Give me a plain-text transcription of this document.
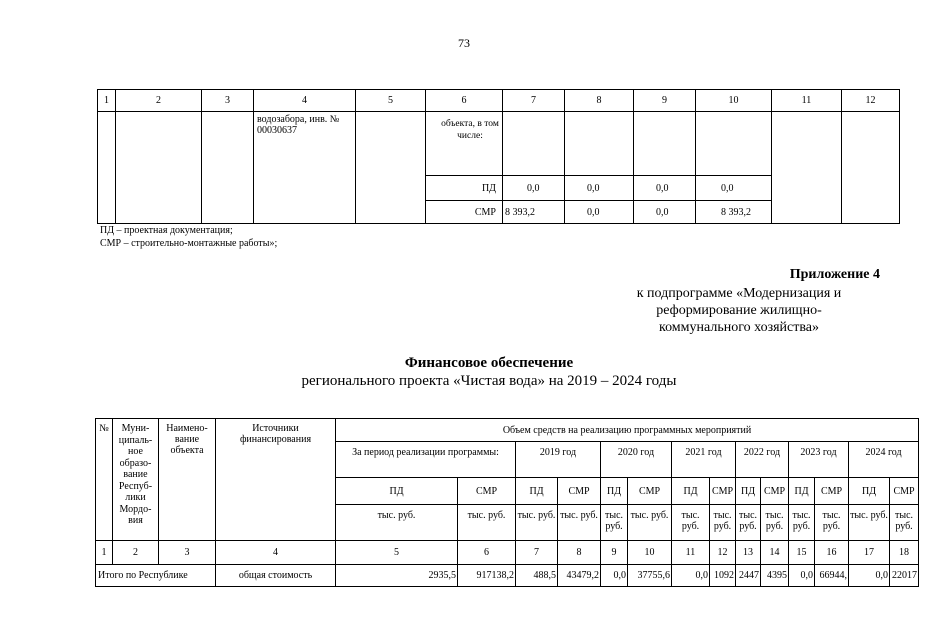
73
1	2	3	4	5	6	7	8	9	10	11	12
			водозабора, инв. № 00030637		объекта, в том числе:						
					ПД	0,0	0,0	0,0	0,0		
					СМР	8 393,2	0,0	0,0	8 393,2		
ПД – проектная документация;
СМР – строительно-монтажные работы»;
Приложение 4
к подпрограмме «Модернизация и
реформирование жилищно-
коммунального хозяйства»
Финансовое обеспечение
регионального проекта «Чистая вода» на 2019 – 2024 годы
№	Муни-ципаль-ное образо-вание Респуб-лики Мордо-вия	Наимено-вание объекта	Источники финансирования	Объем средств на реализацию программных мероприятий													
				За период реализации программы:		2019 год		2020 год		2021 год		2022 год		2023 год		2024 год	
				ПД	СМР	ПД	СМР	ПД	СМР	ПД	СМР	ПД	СМР	ПД	СМР	ПД	СМР
				тыс. руб.	тыс. руб.	тыс. руб.	тыс. руб.	тыс. руб.	тыс. руб.	тыс. руб.	тыс. руб.	тыс. руб.	тыс. руб.	тыс. руб.	тыс. руб.	тыс. руб.	тыс. руб.
1	2	3	4	5	6	7	8	9	10	11	12	13	14	15	16	17	18
Итого по Республике			общая стоимость	2935,5	917138,2	488,5	43479,2	0,0	37755,6	0,0	1092	2447	4395	0,0	66944,	0,0	22017
